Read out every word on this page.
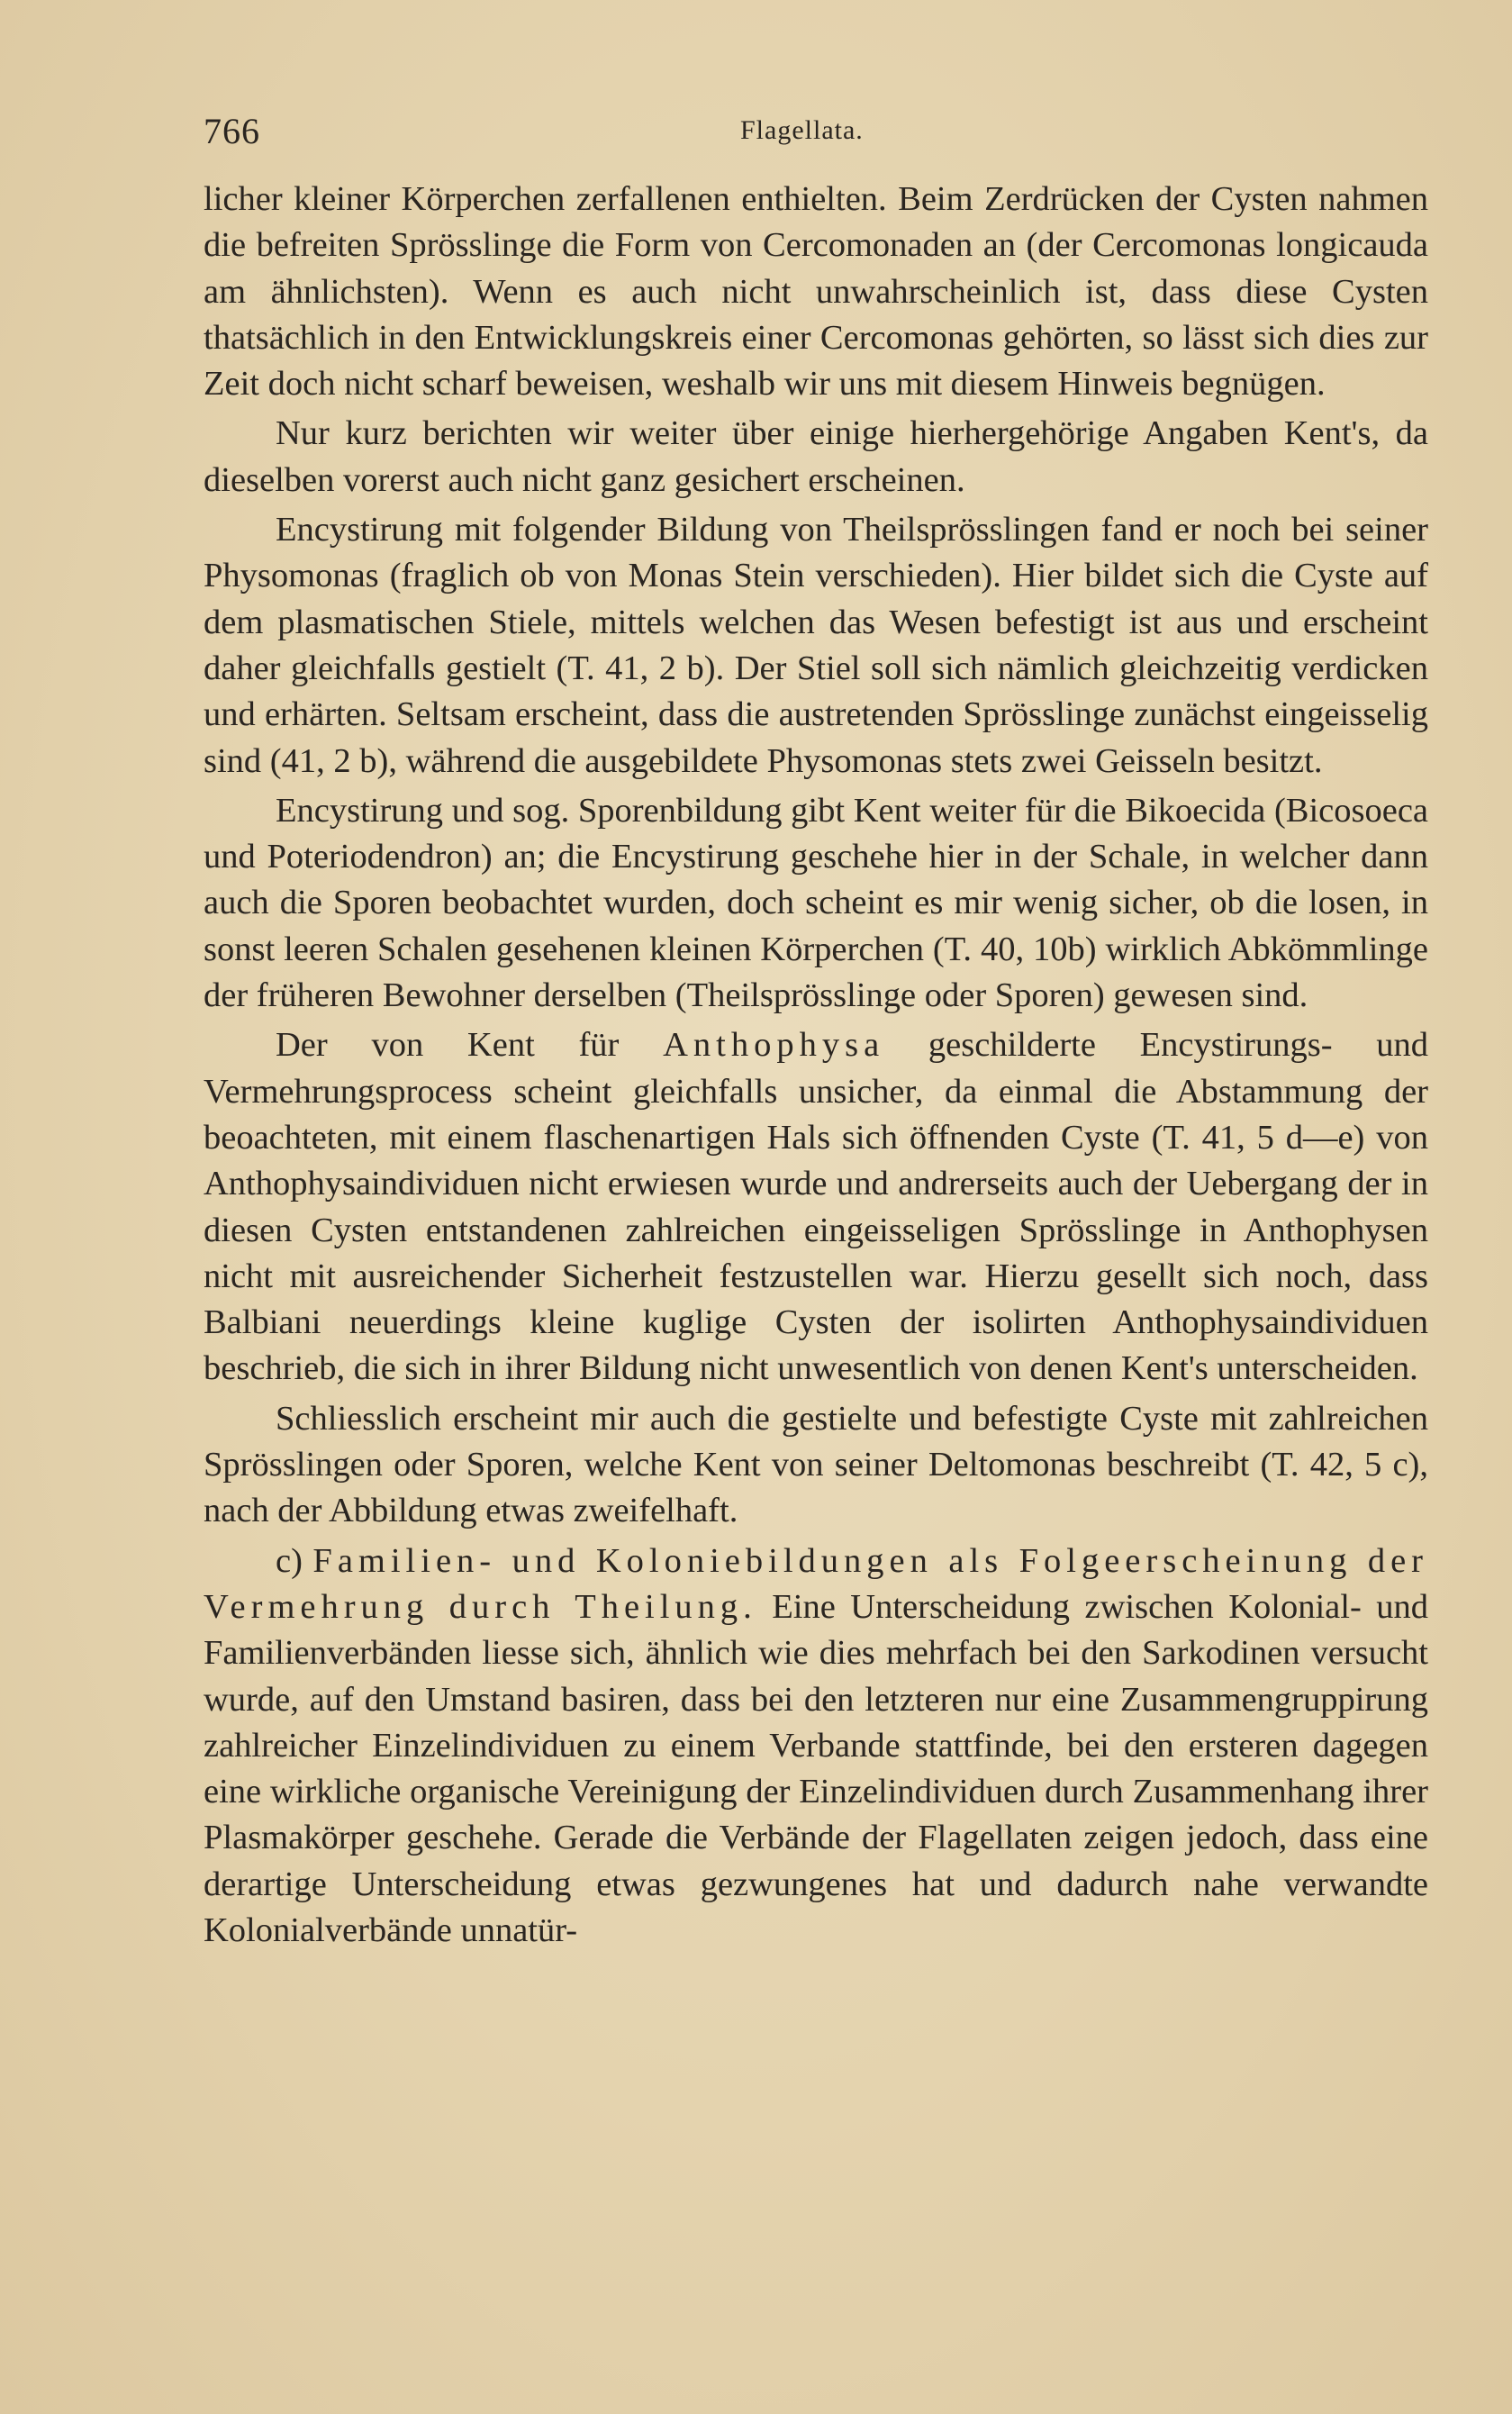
766	Flagellata.

licher kleiner Körperchen zerfallenen enthielten. Beim Zerdrücken der Cysten nahmen die befreiten Sprösslinge die Form von Cercomonaden an (der Cercomonas longicauda am ähnlichsten). Wenn es auch nicht unwahrscheinlich ist, dass diese Cysten thatsächlich in den Entwicklungskreis einer Cercomonas gehörten, so lässt sich dies zur Zeit doch nicht scharf beweisen, weshalb wir uns mit diesem Hinweis begnügen.

Nur kurz berichten wir weiter über einige hierhergehörige Angaben Kent's, da dieselben vorerst auch nicht ganz gesichert erscheinen.

Encystirung mit folgender Bildung von Theilsprösslingen fand er noch bei seiner Physomonas (fraglich ob von Monas Stein verschieden). Hier bildet sich die Cyste auf dem plasmatischen Stiele, mittels welchen das Wesen befestigt ist aus und erscheint daher gleichfalls gestielt (T. 41, 2 b). Der Stiel soll sich nämlich gleichzeitig verdicken und erhärten. Seltsam erscheint, dass die austretenden Sprösslinge zunächst eingeisselig sind (41, 2 b), während die ausgebildete Physomonas stets zwei Geisseln besitzt.

Encystirung und sog. Sporenbildung gibt Kent weiter für die Bikoecida (Bicosoeca und Poteriodendron) an; die Encystirung geschehe hier in der Schale, in welcher dann auch die Sporen beobachtet wurden, doch scheint es mir wenig sicher, ob die losen, in sonst leeren Schalen gesehenen kleinen Körperchen (T. 40, 10b) wirklich Abkömmlinge der früheren Bewohner derselben (Theilsprösslinge oder Sporen) gewesen sind.

Der von Kent für Anthophysa geschilderte Encystirungs- und Vermehrungsprocess scheint gleichfalls unsicher, da einmal die Abstammung der beoachteten, mit einem flaschenartigen Hals sich öffnenden Cyste (T. 41, 5 d—e) von Anthophysaindividuen nicht erwiesen wurde und andrerseits auch der Uebergang der in diesen Cysten entstandenen zahlreichen eingeisseligen Sprösslinge in Anthophysen nicht mit ausreichender Sicherheit festzustellen war. Hierzu gesellt sich noch, dass Balbiani neuerdings kleine kuglige Cysten der isolirten Anthophysaindividuen beschrieb, die sich in ihrer Bildung nicht unwesentlich von denen Kent's unterscheiden.

Schliesslich erscheint mir auch die gestielte und befestigte Cyste mit zahlreichen Sprösslingen oder Sporen, welche Kent von seiner Deltomonas beschreibt (T. 42, 5 c), nach der Abbildung etwas zweifelhaft.

c) Familien- und Koloniebildungen als Folgeerscheinung der Vermehrung durch Theilung. Eine Unterscheidung zwischen Kolonial- und Familienverbänden liesse sich, ähnlich wie dies mehrfach bei den Sarkodinen versucht wurde, auf den Umstand basiren, dass bei den letzteren nur eine Zusammengruppirung zahlreicher Einzelindividuen zu einem Verbande stattfinde, bei den ersteren dagegen eine wirkliche organische Vereinigung der Einzelindividuen durch Zusammenhang ihrer Plasmakörper geschehe. Gerade die Verbände der Flagellaten zeigen jedoch, dass eine derartige Unterscheidung etwas gezwungenes hat und dadurch nahe verwandte Kolonialverbände unnatür-
